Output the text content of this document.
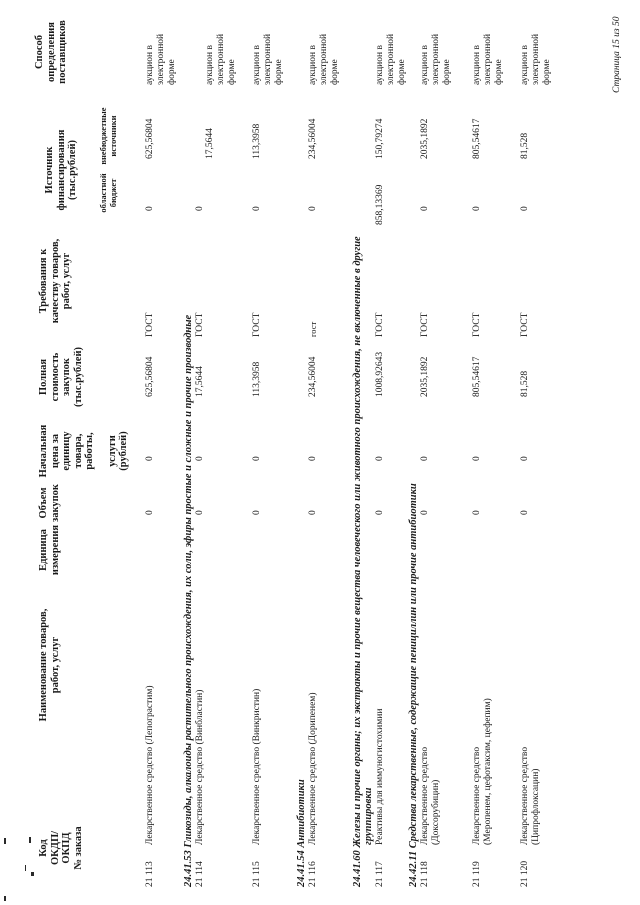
Код ОКДП/ ОКПД № заказа
Наименование товаров, работ, услуг
Единица измерения
Объем закупок
Начальная цена за единицу товара, работы, услуги (рублей)
Полная стоимость закупок (тыс.рублей)
Требования к качеству товаров, работ, услуг
Источник финансирования (тыс.рублей) областной бюджет
внебюджетные источники
Способ определения поставщиков
21 113
Лекарственное средство (Лепограстим)
0
0
625,56804
ГОСТ
0
625,56804
аукцион в электронной форме
24.41.53 Гликозиды, алкалоиды растительного происхождения, их соли, эфиры простые и сложные и прочие производные
21 114
Лекарственное средство (Винбластин)
0
0
17,5644
ГОСТ
0
17,5644
аукцион в электронной форме
21 115
Лекарственное средство (Винкристин)
0
0
113,3958
ГОСТ
0
113,3958
аукцион в электронной форме
24.41.54 Антибиотики
21 116
Лекарственное средство (Дорипенем)
0
0
234,56004
гост
0
234,56004
аукцион в электронной форме
24.41.60 Железы и прочие органы; их экстракты и прочие вещества человеческого или животного происхождения, не включенные в другие группировки
21 117
Реактивы для иммуногистохимии
0
0
1008,92643
ГОСТ
858,13369
150,79274
аукцион в электронной форме
24.42.11 Средства лекарственные, содержащие пенициллин или прочие антибиотики
21 118
Лекарственное средство (Доксорубицин)
0
0
2035,1892
ГОСТ
0
2035,1892
аукцион в электронной форме
21 119
Лекарственное средство (Меропенем, цефотаксим, цефепим)
0
0
805,54617
ГОСТ
0
805,54617
аукцион в электронной форме
21 120
Лекарственное средство (Ципрофлоксацин)
0
0
81,528
ГОСТ
0
81,528
аукцион в электронной форме	Страница 15 из 50
